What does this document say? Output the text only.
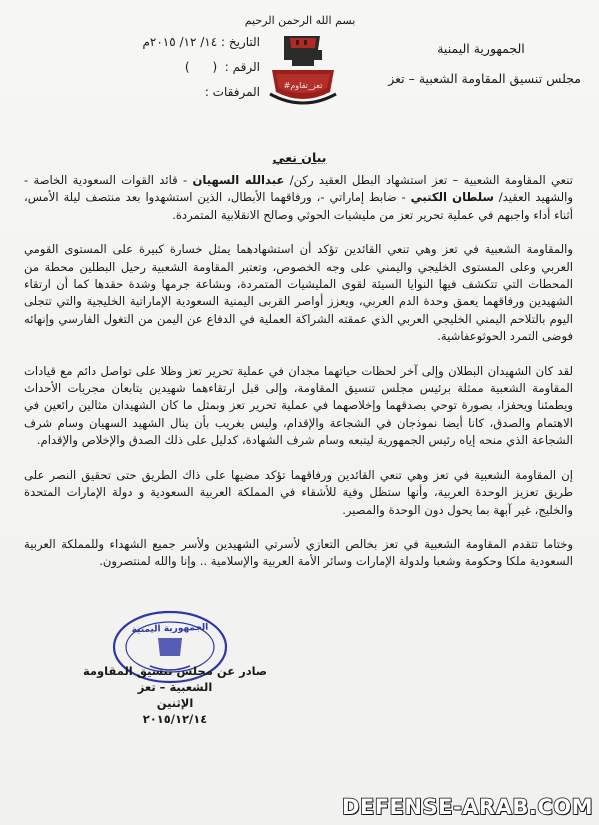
بسم الله الرحمن الرحيم
الجمهورية اليمنية
مجلس تنسيق المقاومة الشعبية – تعز
التاريخ : ١٤/ ١٢/ ٢٠١٥م
الرقم :  (      )
المرفقات :	#تعز_تقاوم
بيان نعي

تنعي المقاومة الشعبية – تعز استشهاد البطل العقيد ركن/ عبدالله السهيان - قائد القوات السعودية الخاصة - والشهيد العقيد/ سلطان الكتبي - ضابط إماراتي -، ورفاقهما الأبطال، الذين استشهدوا بعد منتصف ليلة الأمس، أثناء أداء واجبهم في عملية تحرير تعز من مليشيات الحوثي وصالح الانقلابية المتمردة.

والمقاومة الشعبية في تعز وهي تنعي القائدين تؤكد أن استشهادهما يمثل خسارة كبيرة على المستوى القومي العربي وعلى المستوى الخليجي واليمني على وجه الخصوص، وتعتبر المقاومة الشعبية رحيل البطلين محطة من المحطات التي تتكشف فيها النوايا السيئة لقوى المليشيات المتمردة، وبشاعة جرمها وشدة حقدها كما أن ارتقاء الشهيدين ورفاقهما يعمق وحدة الدم العربي، ويعزز أواصر القربى اليمنية السعودية الإماراتية الخليجية والتي تتجلى اليوم بالتلاحم اليمني الخليجي العربي الذي عمقته الشراكة العملية في الدفاع عن اليمن من التغول الفارسي وإنهائه فوضى التمرد الحوثوعفاشية.

لقد كان الشهيدان البطلان وإلى آخر لحظات حياتهما مجدان في عملية تحرير تعز وظلا على تواصل دائم مع قيادات المقاومة الشعبية ممثلة برئيس مجلس تنسيق المقاومة، وإلى قبل ارتقاءهما شهيدين يتابعان مجريات الأحداث ويطمئنا ويحفزا، بصورة توحي بصدقهما وإخلاصهما في عملية تحرير تعز وبمثل ما كان الشهيدان مثالين رائعين في الاهتمام والصدق، كانا أيضا نموذجان في الشجاعة والإقدام، وليس بغريب بأن ينال الشهيد السهيان وسام شرف الشجاعة الذي منحه إياه رئيس الجمهورية ليتبعه وسام شرف الشهادة، كدليل على ذلك الصدق والإخلاص والإقدام.

إن المقاومة الشعبية في تعز وهي تنعي القائدين ورفاقهما تؤكد مضيها على ذاك الطريق حتى تحقيق النصر على طريق تعزيز الوحدة العربية، وأنها ستظل وفية للأشقاء في المملكة العربية السعودية و دولة الإمارات المتحدة والخليج، غير آبهة بما يحول دون الوحدة والمصير.

وختاما تتقدم المقاومة الشعبية في تعز بخالص التعازي لأسرتي الشهيدين ولأسر جميع الشهداء وللمملكة العربية السعودية ملكا وحكومة وشعبا ولدولة الإمارات وسائر الأمة العربية والإسلامية .. وإنا والله لمنتصرون.

الجمهورية اليمنية
صادر عن مجلس تنسيق المقاومة الشعبية – تعز
الإثنين
٢٠١٥/١٢/١٤
DEFENSE-ARAB.COM
